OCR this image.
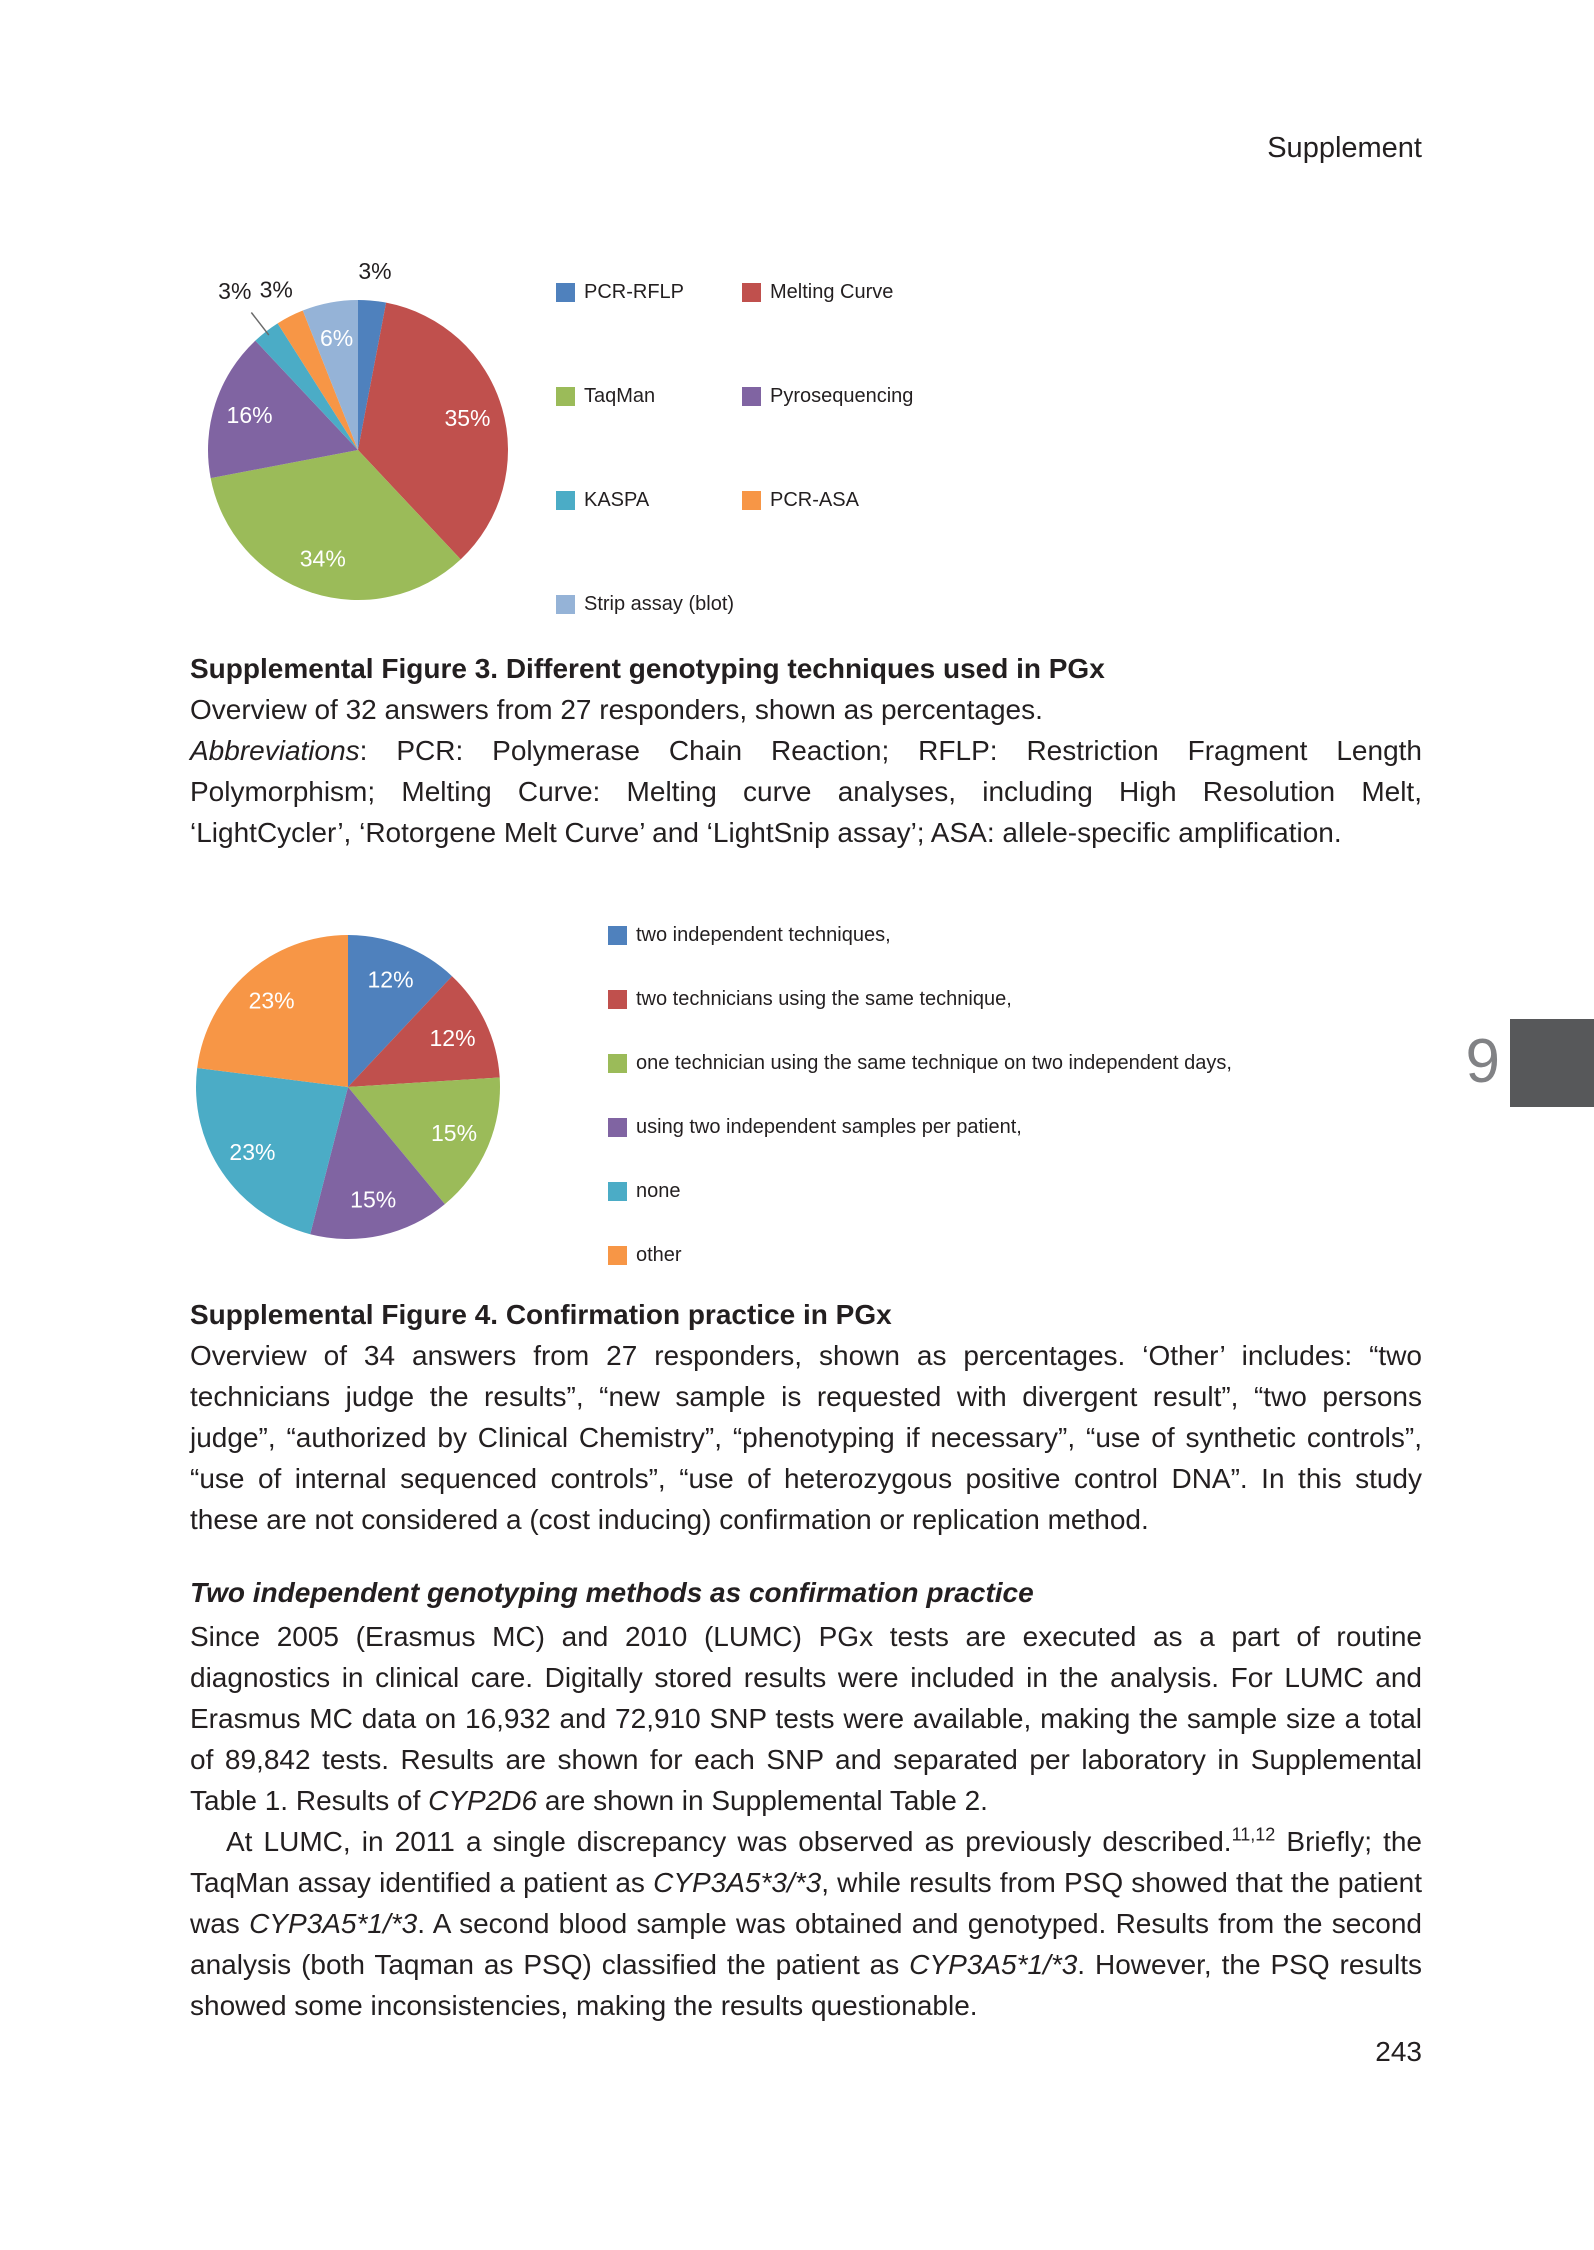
Supplement
3%
35%
34%
16%
3% 3%
6%
PCR-RFLP	Melting Curve
TaqMan	Pyrosequencing
KASPA	PCR-ASA
Strip assay (blot)
Supplemental Figure 3. Different genotyping techniques used in PGx
Overview of 32 answers from 27 responders, shown as percentages.
Abbreviations: PCR: Polymerase Chain Reaction; RFLP: Restriction Fragment Length Polymorphism; Melting Curve: Melting curve analyses, including High Resolution Melt, ‘LightCycler’, ‘Rotorgene Melt Curve’ and ‘LightSnip assay’; ASA: allele-specific amplification.
12%
12%
15%
15%
23%
23%
two independent techniques,
two technicians using the same technique,
one technician using the same technique on two independent days,
using two independent samples per patient,
none
other
Supplemental Figure 4. Confirmation practice in PGx
Overview of 34 answers from 27 responders, shown as percentages. ‘Other’ includes: “two technicians judge the results”, “new sample is requested with divergent result”, “two persons judge”, “authorized by Clinical Chemistry”, “phenotyping if necessary”, “use of synthetic controls”, “use of internal sequenced controls”, “use of heterozygous positive control DNA”. In this study these are not considered a (cost inducing) confirmation or replication method.
Two independent genotyping methods as confirmation practice

Since 2005 (Erasmus MC) and 2010 (LUMC) PGx tests are executed as a part of routine diagnostics in clinical care. Digitally stored results were included in the analysis. For LUMC and Erasmus MC data on 16,932 and 72,910 SNP tests were available, making the sample size a total of 89,842 tests. Results are shown for each SNP and separated per laboratory in Supplemental Table 1. Results of CYP2D6 are shown in Supplemental Table 2.

At LUMC, in 2011 a single discrepancy was observed as previously described.$^{11,12}$ Briefly; the TaqMan assay identified a patient as CYP3A5*3/*3, while results from PSQ showed that the patient was CYP3A5*1/*3. A second blood sample was obtained and genotyped. Results from the second analysis (both Taqman as PSQ) classified the patient as CYP3A5*1/*3. However, the PSQ results showed some inconsistencies, making the results questionable.

9
243
